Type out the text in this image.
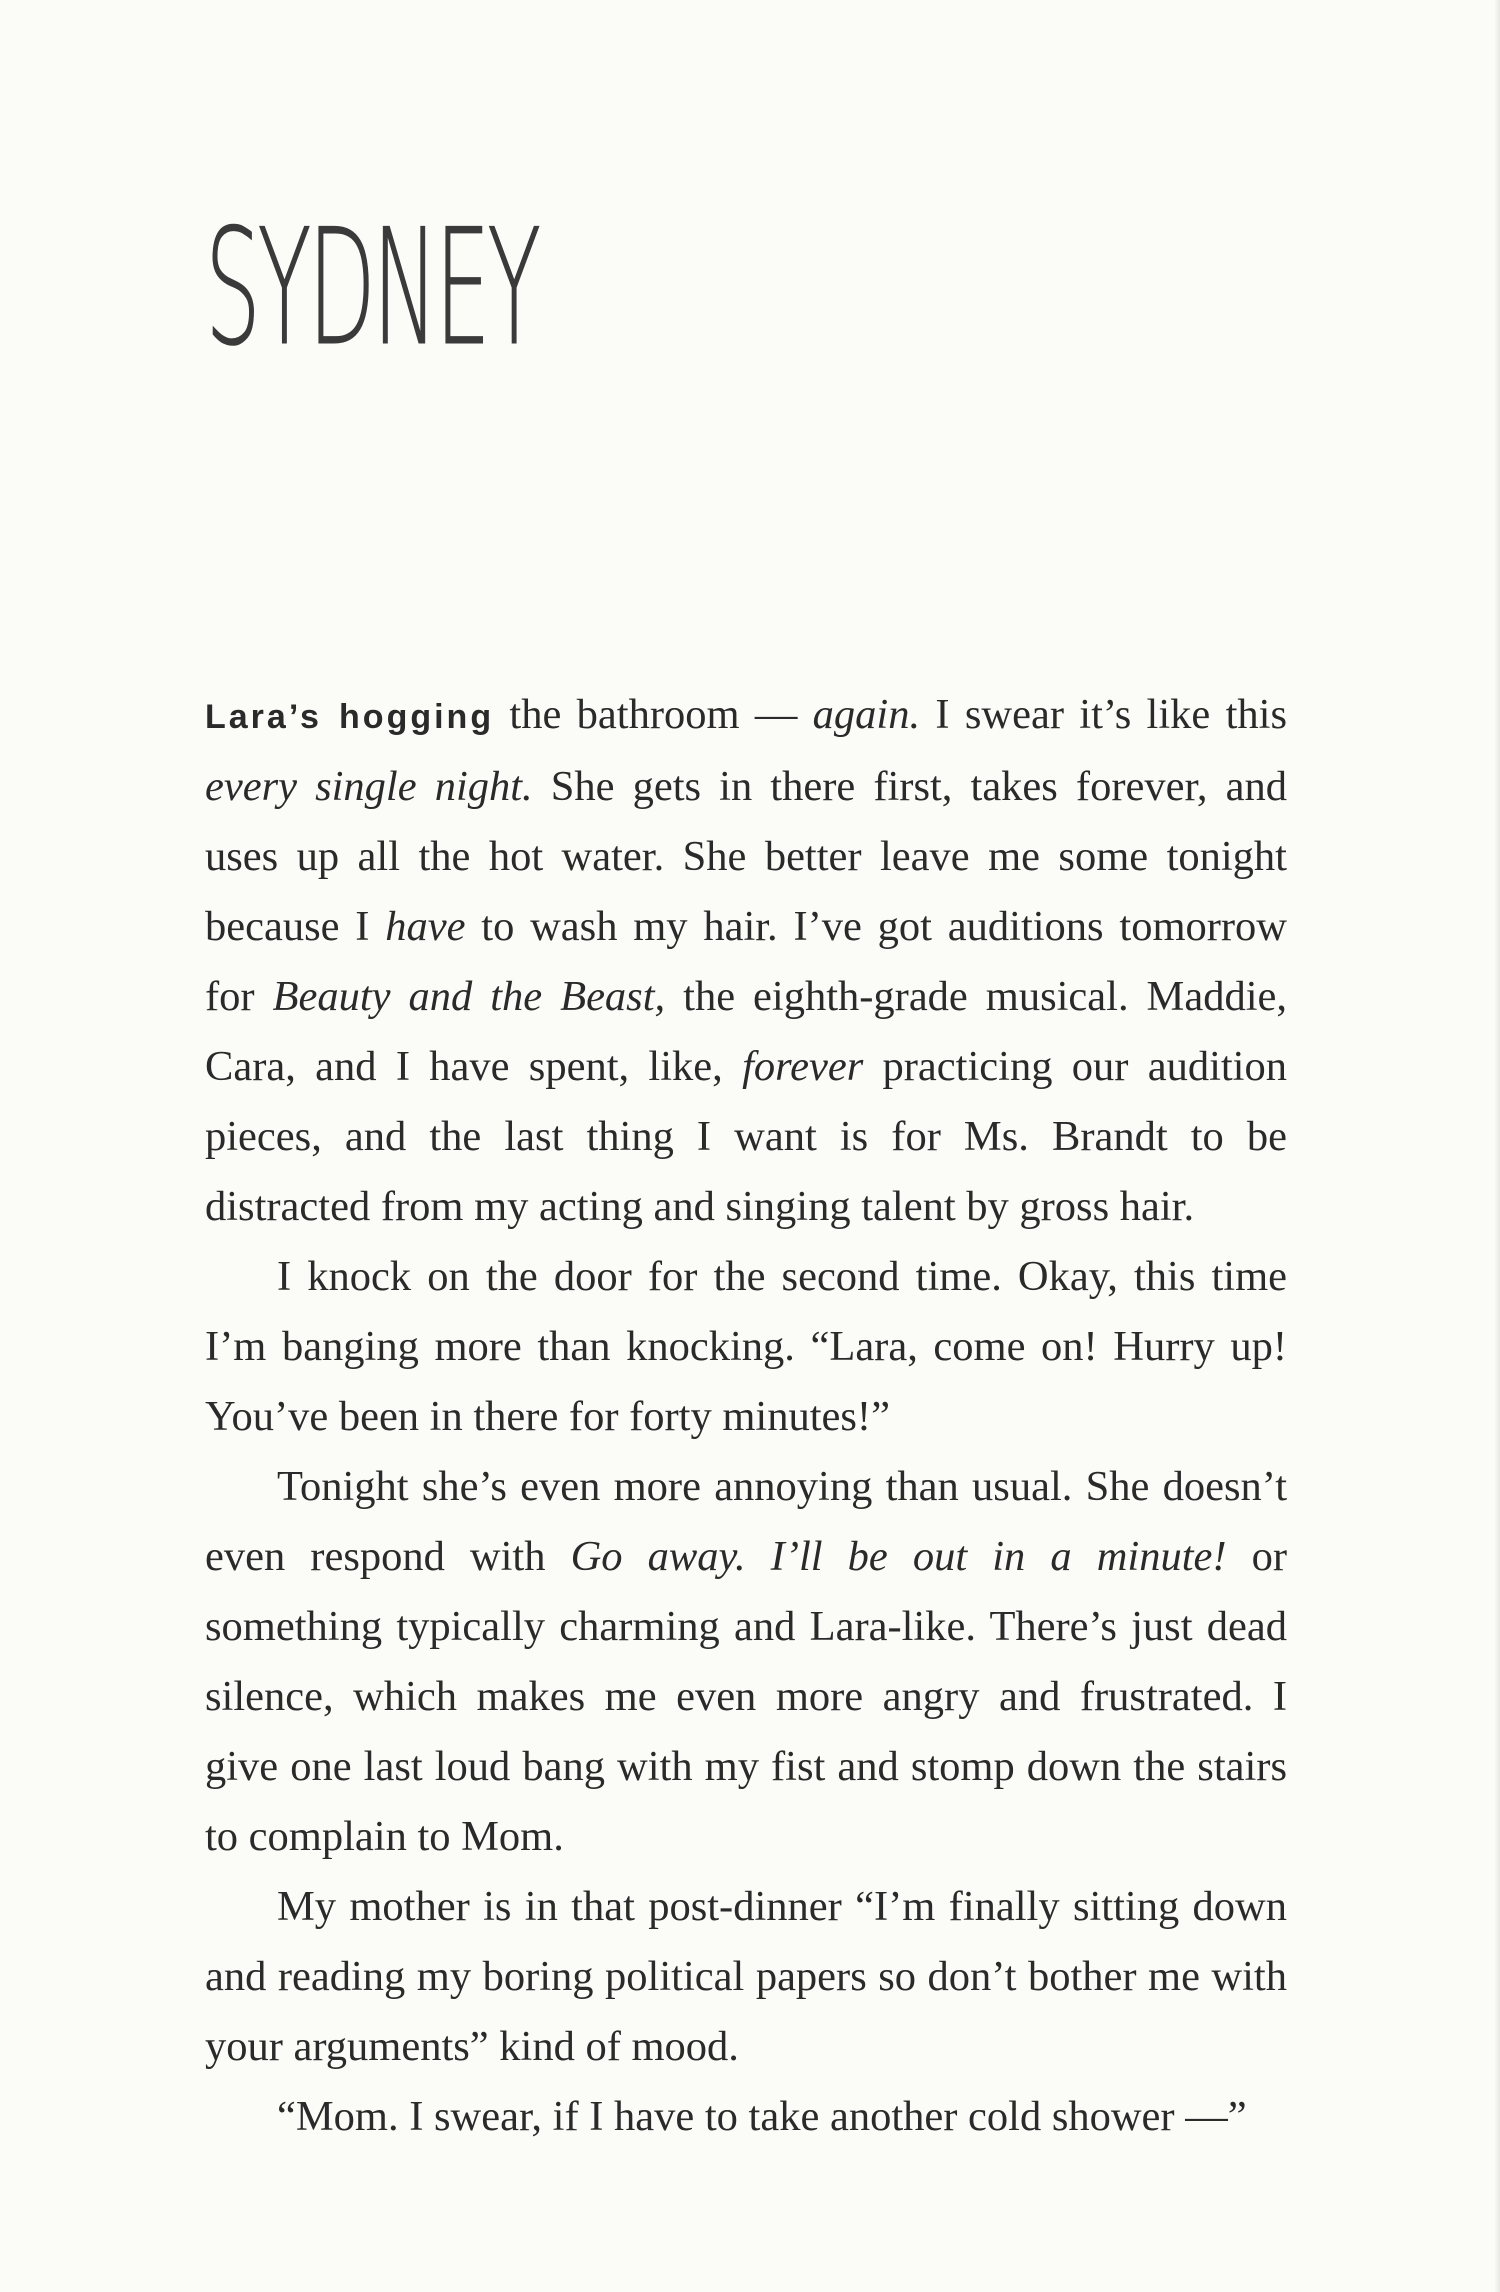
SYDNEY

Lara’s hogging the bathroom — again. I swear it’s like this every single night. She gets in there first, takes forever, and uses up all the hot water. She better leave me some tonight because I have to wash my hair. I’ve got auditions tomorrow for Beauty and the Beast, the eighth-grade musical. Maddie, Cara, and I have spent, like, forever practicing our audition pieces, and the last thing I want is for Ms. Brandt to be distracted from my acting and singing talent by gross hair.

I knock on the door for the second time. Okay, this time I’m banging more than knocking. “Lara, come on! Hurry up! You’ve been in there for forty minutes!”

Tonight she’s even more annoying than usual. She doesn’t even respond with Go away. I’ll be out in a minute! or something typically charming and Lara-like. There’s just dead silence, which makes me even more angry and frustrated. I give one last loud bang with my fist and stomp down the stairs to complain to Mom.

My mother is in that post-dinner “I’m finally sitting down and reading my boring political papers so don’t bother me with your arguments” kind of mood.

“Mom. I swear, if I have to take another cold shower —”
